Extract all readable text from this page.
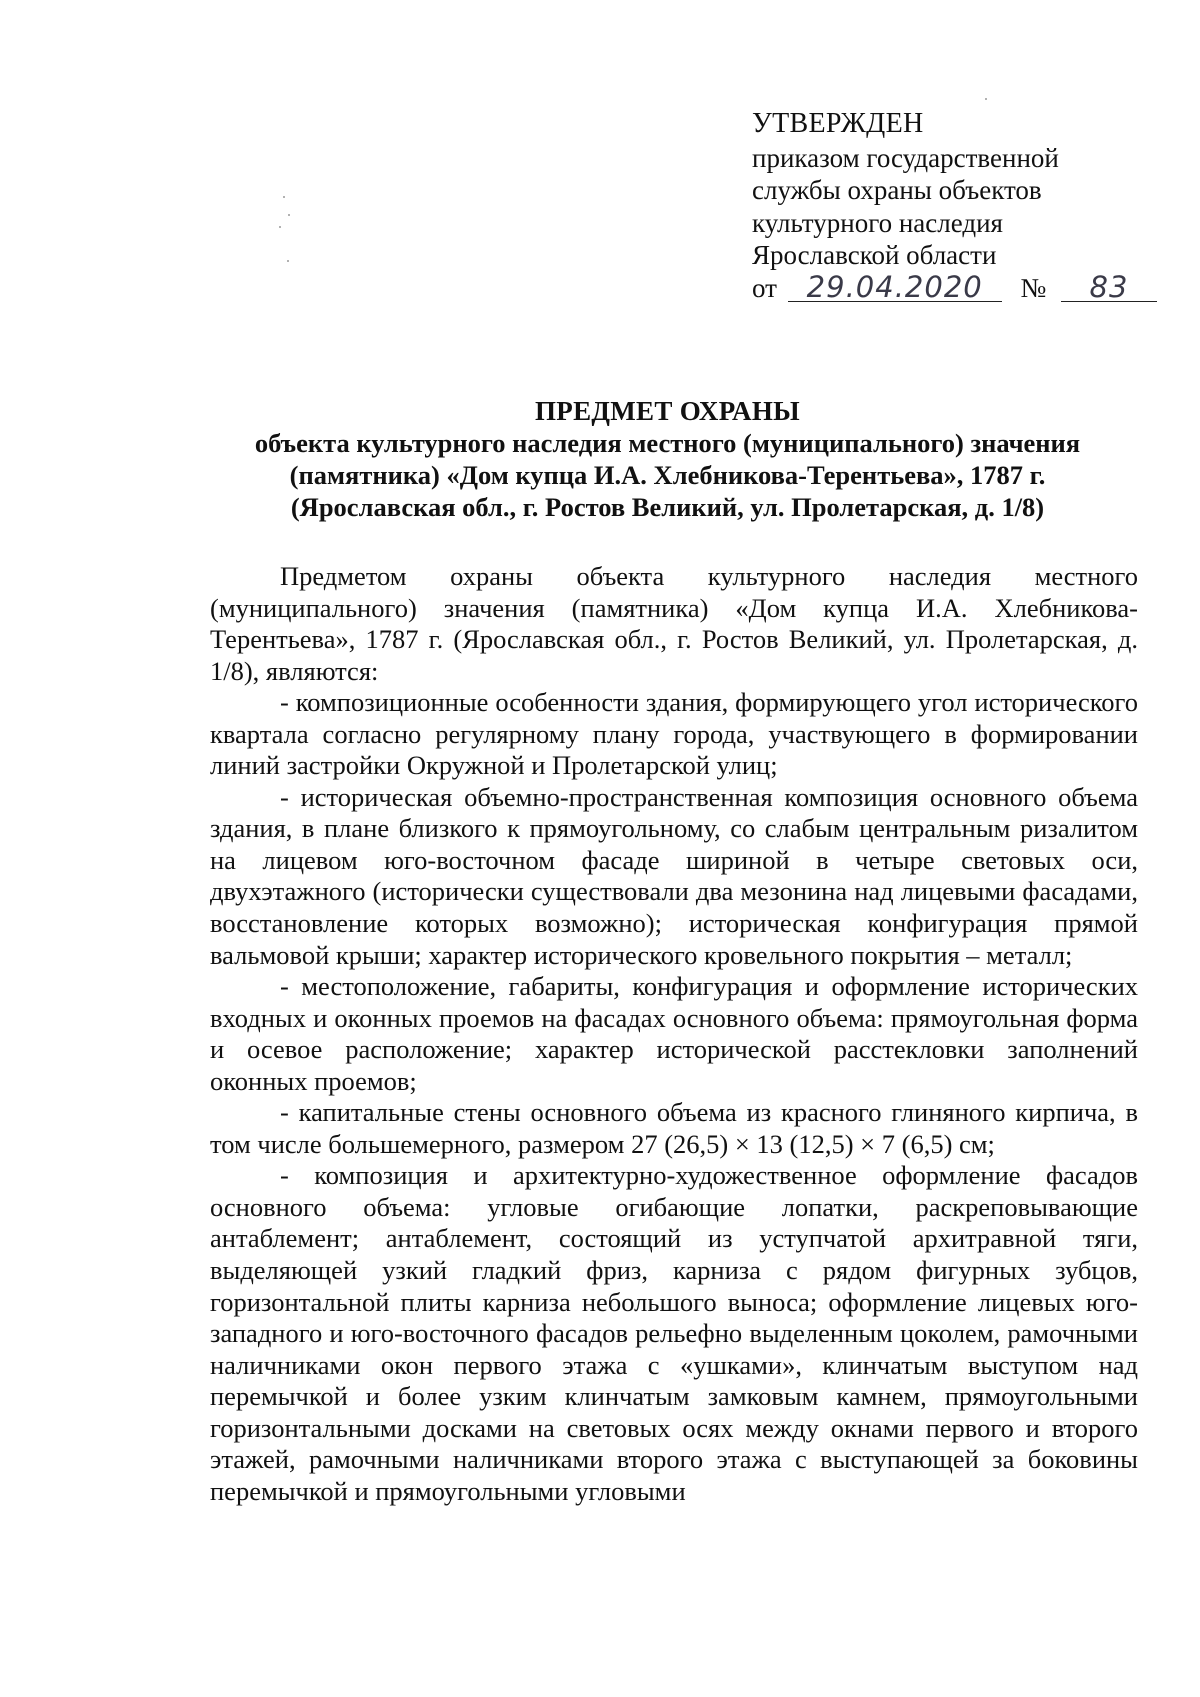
УТВЕРЖДЕН
приказом государственной
службы охраны объектов
культурного наследия
Ярославской области
от 29.04.2020 № 83
ПРЕДМЕТ ОХРАНЫ
объекта культурного наследия местного (муниципального) значения
(памятника) «Дом купца И.А. Хлебникова-Терентьева», 1787 г.
(Ярославская обл., г. Ростов Великий, ул. Пролетарская, д. 1/8)

Предметом охраны объекта культурного наследия местного (муниципального) значения (памятника) «Дом купца И.А. Хлебникова-Терентьева», 1787 г. (Ярославская обл., г. Ростов Великий, ул. Пролетарская, д. 1/8), являются:

- композиционные особенности здания, формирующего угол исторического квартала согласно регулярному плану города, участвующего в формировании линий застройки Окружной и Пролетарской улиц;

- историческая объемно-пространственная композиция основного объема здания, в плане близкого к прямоугольному, со слабым центральным ризалитом на лицевом юго-восточном фасаде шириной в четыре световых оси, двухэтажного (исторически существовали два мезонина над лицевыми фасадами, восстановление которых возможно); историческая конфигурация прямой вальмовой крыши; характер исторического кровельного покрытия – металл;

- местоположение, габариты, конфигурация и оформление исторических входных и оконных проемов на фасадах основного объема: прямоугольная форма и осевое расположение; характер исторической расстекловки заполнений оконных проемов;

- капитальные стены основного объема из красного глиняного кирпича, в том числе большемерного, размером 27 (26,5) × 13 (12,5) × 7 (6,5) см;

- композиция и архитектурно-художественное оформление фасадов основного объема: угловые огибающие лопатки, раскреповывающие антаблемент; антаблемент, состоящий из уступчатой архитравной тяги, выделяющей узкий гладкий фриз, карниза с рядом фигурных зубцов, горизонтальной плиты карниза небольшого выноса; оформление лицевых юго-западного и юго-восточного фасадов рельефно выделенным цоколем, рамочными наличниками окон первого этажа с «ушками», клинчатым выступом над перемычкой и более узким клинчатым замковым камнем, прямоугольными горизонтальными досками на световых осях между окнами первого и второго этажей, рамочными наличниками второго этажа с выступающей за боковины перемычкой и прямоугольными угловыми
